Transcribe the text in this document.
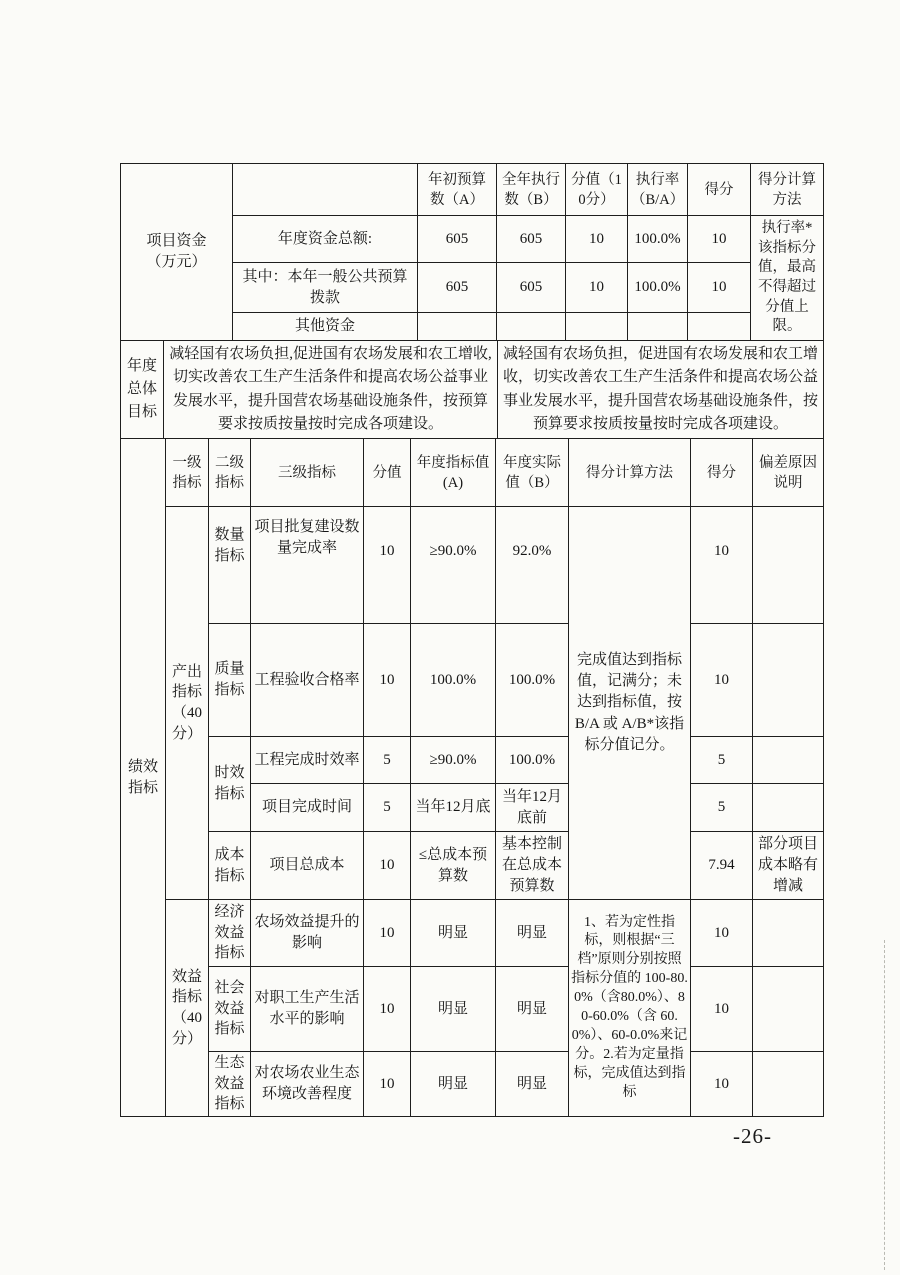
项目资金（万元）		年初预算数（A）	全年执行数（B）	分值（10分）	执行率（B/A）	得分	得分计算方法
	年度资金总额:	605	605	10	100.0%	10	执行率*该指标分值，最高不得超过分值上限。
	其中：本年一般公共预算拨款	605	605	10	100.0%	10	
	其他资金						
年度总体目标	减轻国有农场负担,促进国有农场发展和农工增收,切实改善农工生产生活条件和提高农场公益事业发展水平，提升国营农场基础设施条件，按预算要求按质按量按时完成各项建设。	减轻国有农场负担，促进国有农场发展和农工增收，切实改善农工生产生活条件和提高农场公益事业发展水平，提升国营农场基础设施条件，按预算要求按质按量按时完成各项建设。
绩效指标	一级指标	二级指标	三级指标	分值	年度指标值(A)	年度实际值（B）	得分计算方法	得分	偏差原因说明
	产出指标（40分）	数量指标	项目批复建设数量完成率	10	≥90.0%	92.0%	完成值达到指标值，记满分；未达到指标值，按 B/A 或 A/B*该指标分值记分。	10	
		质量指标	工程验收合格率	10	100.0%	100.0%		10	
		时效指标	工程完成时效率	5	≥90.0%	100.0%		5	
			项目完成时间	5	当年12月底	当年12月底前		5	
		成本指标	项目总成本	10	≤总成本预算数	基本控制在总成本预算数		7.94	部分项目成本略有增减
	效益指标（40分）	经济效益指标	农场效益提升的影响	10	明显	明显	1、若为定性指标，则根据“三档”原则分别按照指标分值的 100-80.0%（含80.0%）、80-60.0%（含 60.0%）、60-0.0%来记分。2.若为定量指标，完成值达到指标	10	
		社会效益指标	对职工生产生活水平的影响	10	明显	明显		10	
		生态效益指标	对农场农业生态环境改善程度	10	明显	明显		10	
-26-
